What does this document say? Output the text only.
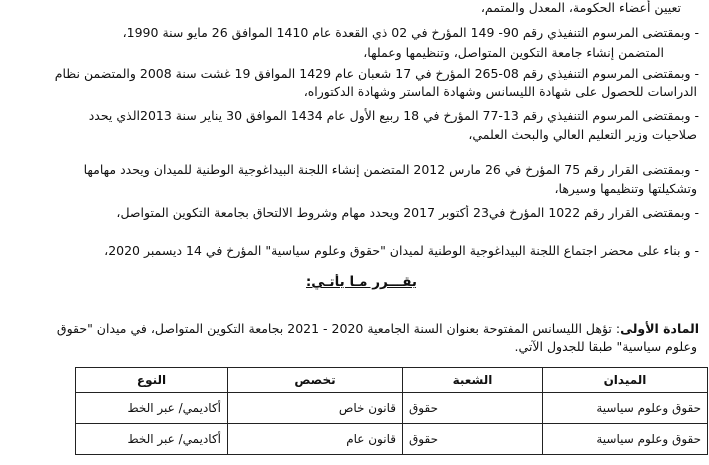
تعيين أعضاء الحكومة، المعدل والمتمم،
- وبمقتضى المرسوم التنفيذي رقم 90- 149 المؤرخ في 02 ذي القعدة عام 1410 الموافق 26 مايو سنة 1990،
المتضمن إنشاء جامعة التكوين المتواصل، وتنظيمها وعملها،
- وبمقتضى المرسوم التنفيذي رقم 08-265 المؤرخ في 17 شعبان عام 1429 الموافق 19 غشت سنة 2008 والمتضمن نظام
الدراسات للحصول على شهادة الليسانس وشهادة الماستر وشهادة الدكتوراه،
- وبمقتضى المرسوم التنفيذي رقم 13-77 المؤرخ في 18 ربيع الأول عام 1434 الموافق 30 يناير سنة 2013الذي يحدد
صلاحيات وزير التعليم العالي والبحث العلمي،
- وبمقتضى القرار رقم 75 المؤرخ في 26 مارس 2012 المتضمن إنشاء اللجنة البيداغوجية الوطنية للميدان ويحدد مهامها
وتشكيلتها وتنظيمها وسيرها،
- وبمقتضى القرار رقم 1022 المؤرخ في23 أكتوبر 2017 ويحدد مهام وشروط الالتحاق بجامعة التكوين المتواصل،
- و بناء على محضر اجتماع اللجنة البيداغوجية الوطنية لميدان "حقوق وعلوم سياسية" المؤرخ في 14 ديسمبر 2020،
يقـــرر مـا يأتـي:
المادة الأولى: تؤهل الليسانس المفتوحة بعنوان السنة الجامعية 2020 - 2021 بجامعة التكوين المتواصل، في ميدان "حقوق
وعلوم سياسية" طبقا للجدول الآتي.
الميدان	الشعبة	تخصص	النوع
حقوق وعلوم سياسية	حقوق	قانون خاص	أكاديمي/ عبر الخط
حقوق وعلوم سياسية	حقوق	قانون عام	أكاديمي/ عبر الخط
